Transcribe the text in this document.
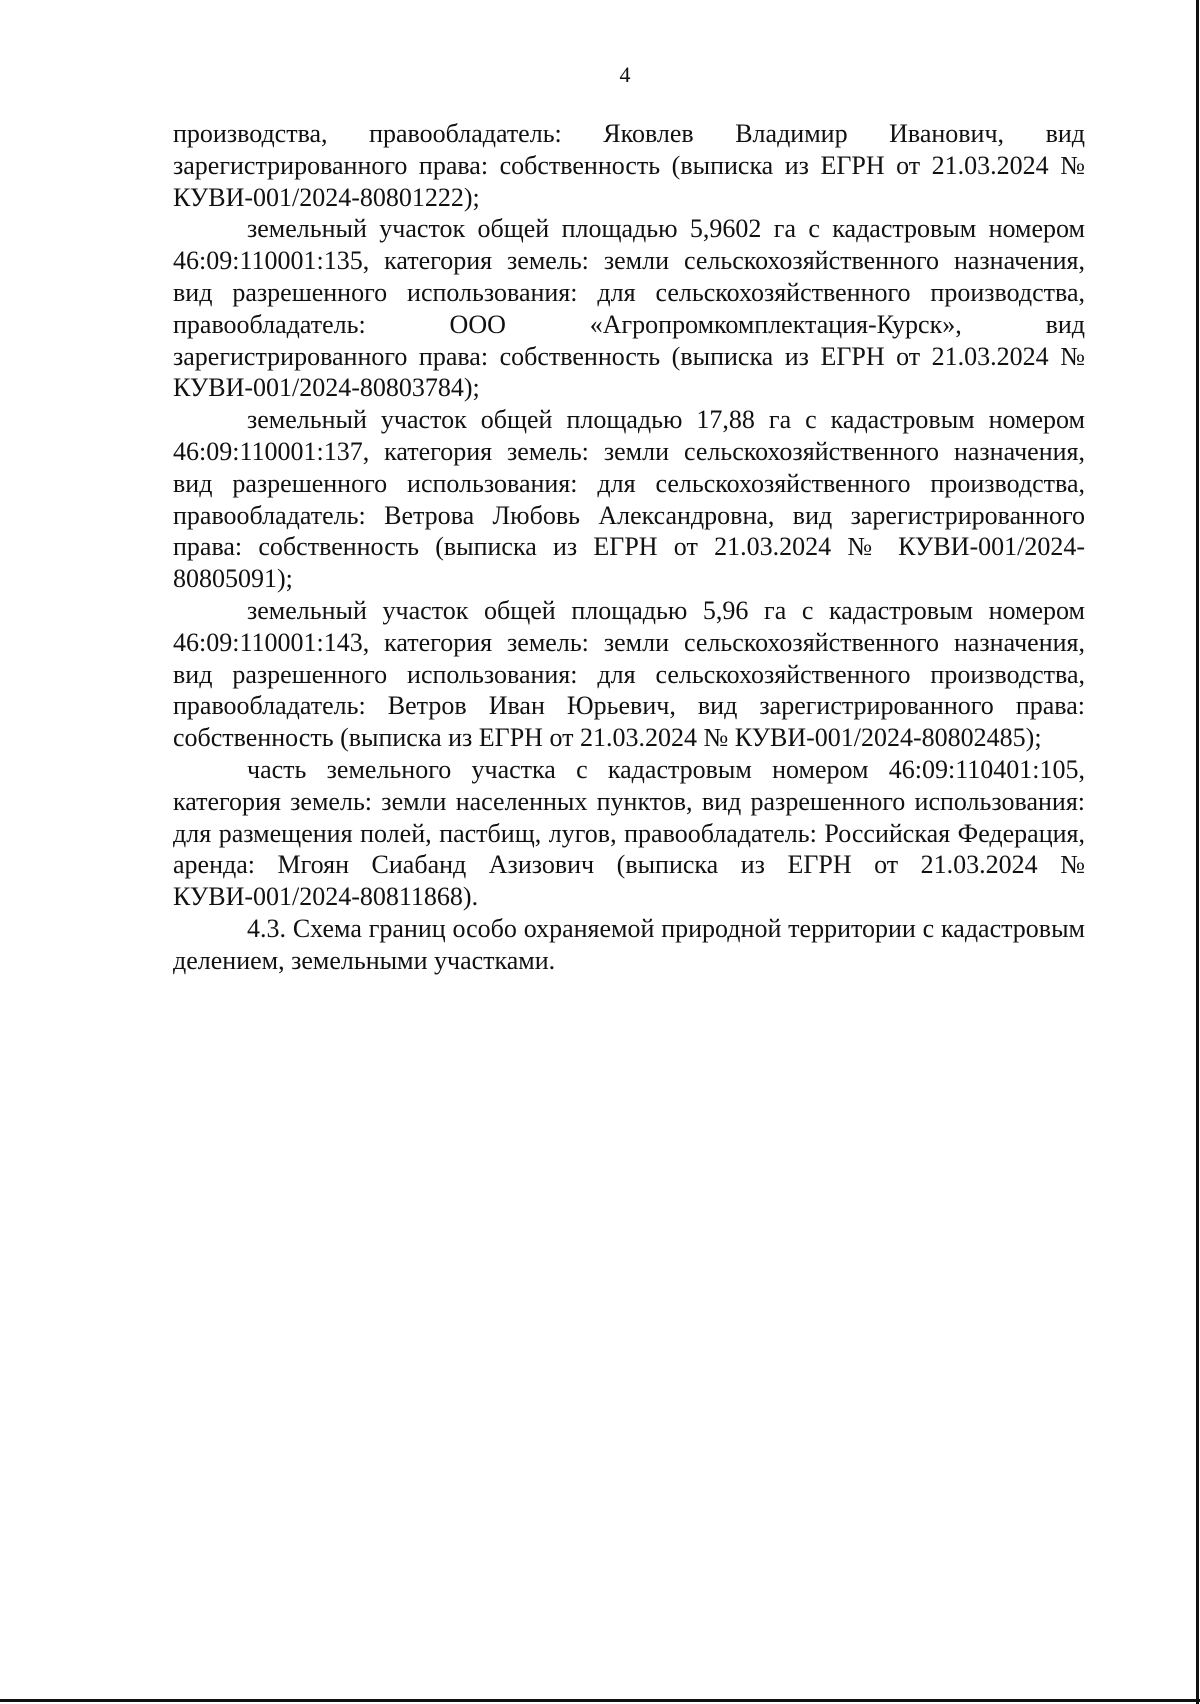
4

производства, правообладатель: Яковлев Владимир Иванович, вид зарегистрированного права: собственность (выписка из ЕГРН от 21.03.2024 № КУВИ-001/2024-80801222);

земельный участок общей площадью 5,9602 га с кадастровым номером 46:09:110001:135, категория земель: земли сельскохозяйственного назначения, вид разрешенного использования: для сельскохозяйственного производства, правообладатель: ООО «Агропромкомплектация-Курск», вид зарегистрированного права: собственность (выписка из ЕГРН от 21.03.2024 № КУВИ-001/2024-80803784);

земельный участок общей площадью 17,88 га с кадастровым номером 46:09:110001:137, категория земель: земли сельскохозяйственного назначения, вид разрешенного использования: для сельскохозяйственного производства, правообладатель: Ветрова Любовь Александровна, вид зарегистрированного права: собственность (выписка из ЕГРН от 21.03.2024 № КУВИ-001/2024-80805091);

земельный участок общей площадью 5,96 га с кадастровым номером 46:09:110001:143, категория земель: земли сельскохозяйственного назначения, вид разрешенного использования: для сельскохозяйственного производства, правообладатель: Ветров Иван Юрьевич, вид зарегистрированного права: собственность (выписка из ЕГРН от 21.03.2024 № КУВИ-001/2024-80802485);

часть земельного участка с кадастровым номером 46:09:110401:105, категория земель: земли населенных пунктов, вид разрешенного использования: для размещения полей, пастбищ, лугов, правообладатель: Российская Федерация, аренда: Мгоян Сиабанд Азизович (выписка из ЕГРН от 21.03.2024 № КУВИ-001/2024-80811868).

4.3. Схема границ особо охраняемой природной территории с кадастровым делением, земельными участками.
